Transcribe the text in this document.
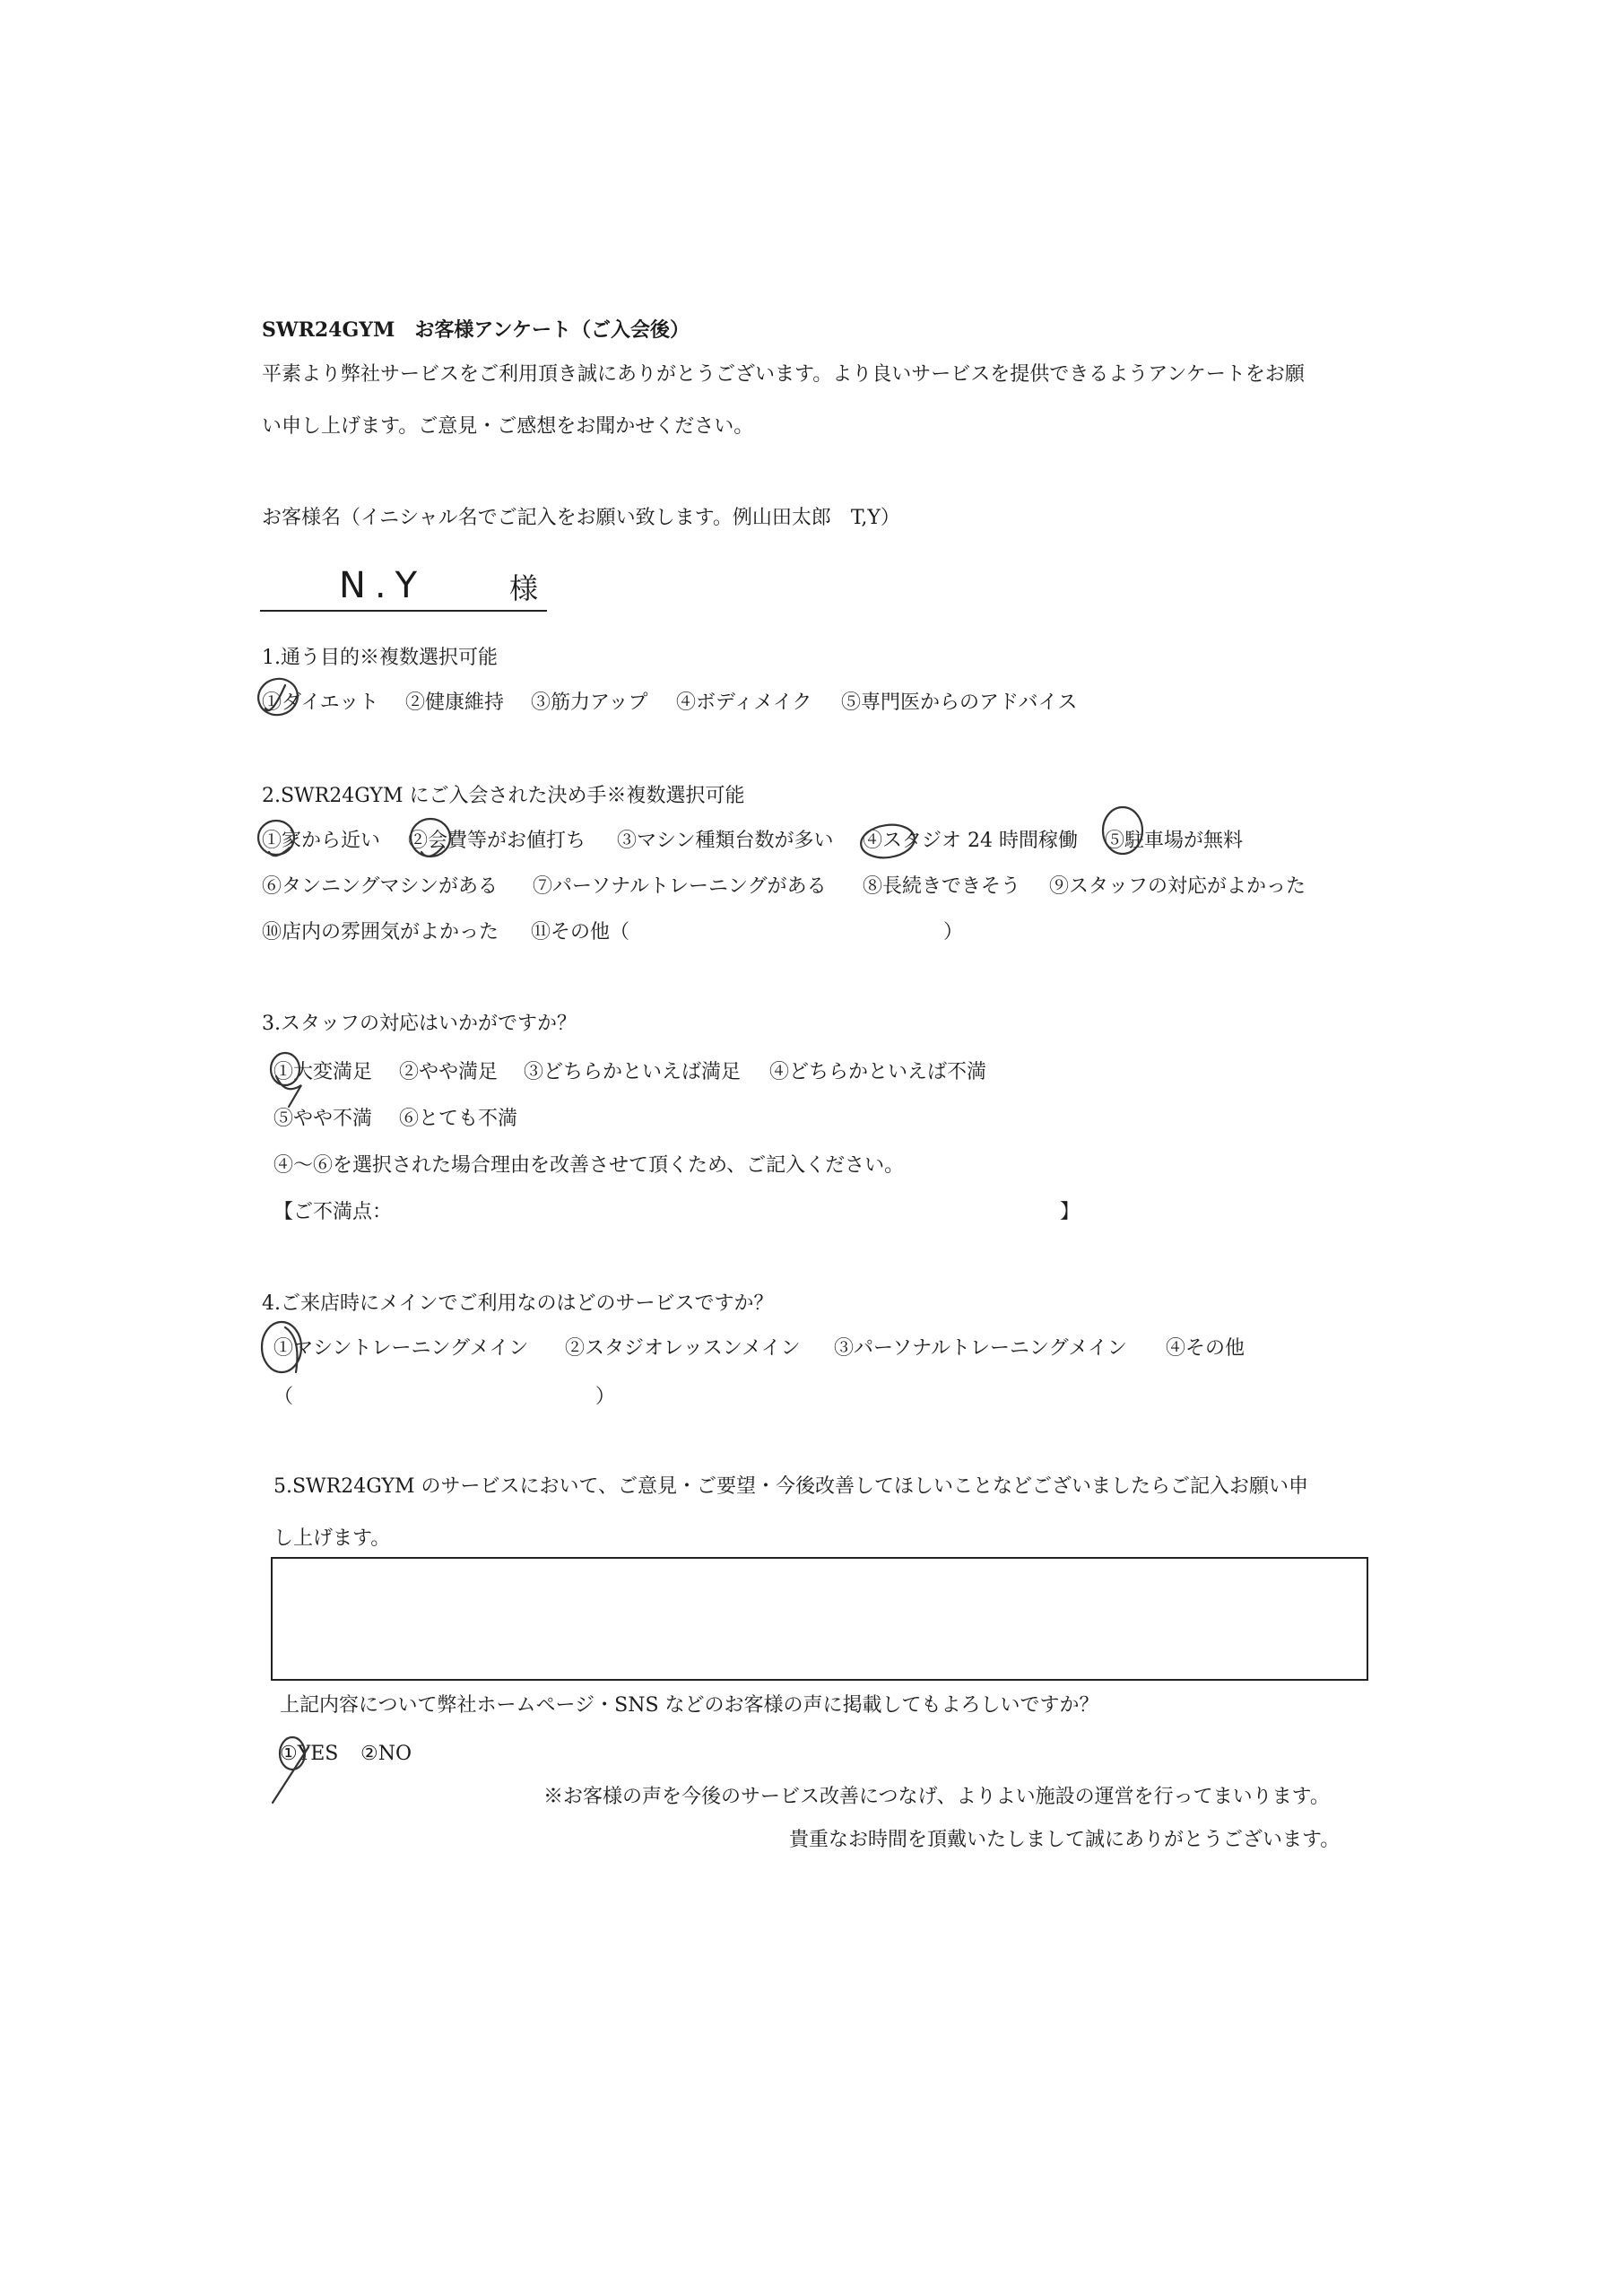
SWR24GYM　お客様アンケート（ご入会後）
平素より弊社サービスをご利用頂き誠にありがとうございます。より良いサービスを提供できるようアンケートをお願
い申し上げます。ご意見・ご感想をお聞かせください。
お客様名（イニシャル名でご記入をお願い致します。例山田太郎　T,Y）
N.Y	様
1.通う目的※複数選択可能
①ダイエット ②健康維持 ③筋力アップ ④ボディメイク ⑤専門医からのアドバイス
2.SWR24GYM にご入会された決め手※複数選択可能
①家から近い ②会費等がお値打ち ③マシン種類台数が多い ④スタジオ 24 時間稼働 ⑤駐車場が無料
⑥タンニングマシンがある ⑦パーソナルトレーニングがある ⑧長続きできそう ⑨スタッフの対応がよかった
⑩店内の雰囲気がよかった ⑪その他（	）
3.スタッフの対応はいかがですか？
①大変満足 ②やや満足 ③どちらかといえば満足 ④どちらかといえば不満
⑤やや不満 ⑥とても不満
④～⑥を選択された場合理由を改善させて頂くため、ご記入ください。
【ご不満点：	】
4.ご来店時にメインでご利用なのはどのサービスですか？
①マシントレーニングメイン ②スタジオレッスンメイン ③パーソナルトレーニングメイン ④その他
（	）
5.SWR24GYM のサービスにおいて、ご意見・ご要望・今後改善してほしいことなどございましたらご記入お願い申
し上げます。
上記内容について弊社ホームページ・SNS などのお客様の声に掲載してもよろしいですか？
①YES ②NO
※お客様の声を今後のサービス改善につなげ、よりよい施設の運営を行ってまいります。
貴重なお時間を頂戴いたしまして誠にありがとうございます。
